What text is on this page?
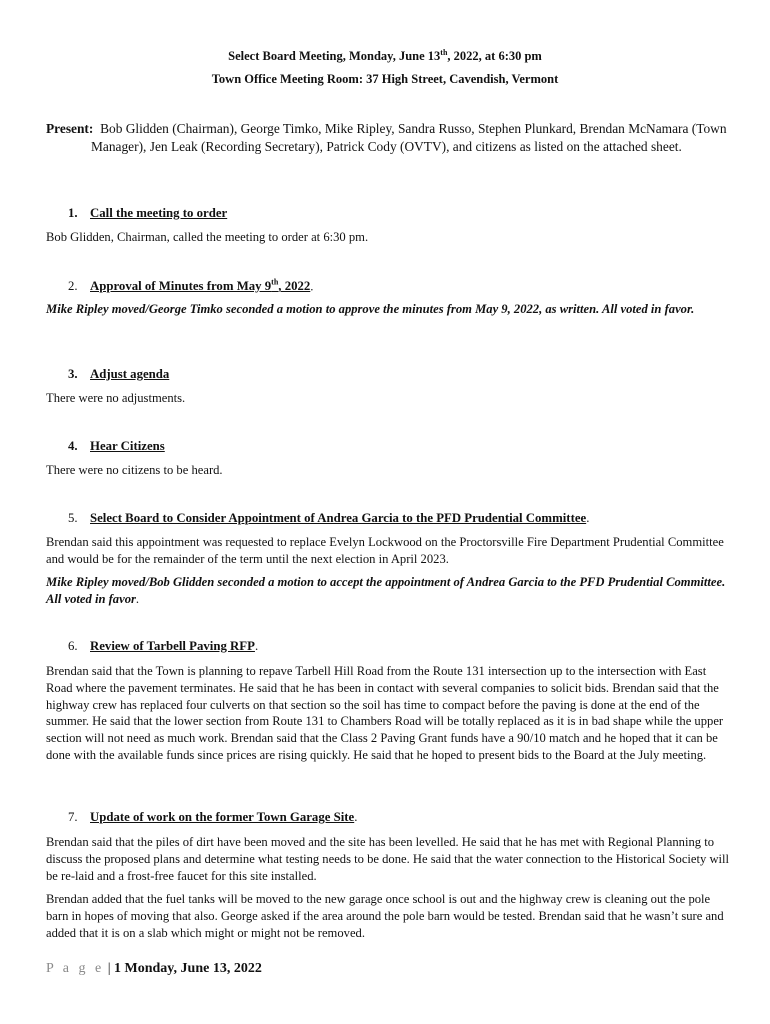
Select Board Meeting, Monday, June 13th, 2022, at 6:30 pm
Town Office Meeting Room: 37 High Street, Cavendish, Vermont
Present: Bob Glidden (Chairman), George Timko, Mike Ripley, Sandra Russo, Stephen Plunkard, Brendan McNamara (Town Manager), Jen Leak (Recording Secretary), Patrick Cody (OVTV), and citizens as listed on the attached sheet.
1. Call the meeting to order
Bob Glidden, Chairman, called the meeting to order at 6:30 pm.
2. Approval of Minutes from May 9th, 2022.
Mike Ripley moved/George Timko seconded a motion to approve the minutes from May 9, 2022, as written. All voted in favor.
3. Adjust agenda
There were no adjustments.
4. Hear Citizens
There were no citizens to be heard.
5. Select Board to Consider Appointment of Andrea Garcia to the PFD Prudential Committee.
Brendan said this appointment was requested to replace Evelyn Lockwood on the Proctorsville Fire Department Prudential Committee and would be for the remainder of the term until the next election in April 2023.
Mike Ripley moved/Bob Glidden seconded a motion to accept the appointment of Andrea Garcia to the PFD Prudential Committee. All voted in favor.
6. Review of Tarbell Paving RFP.
Brendan said that the Town is planning to repave Tarbell Hill Road from the Route 131 intersection up to the intersection with East Road where the pavement terminates. He said that he has been in contact with several companies to solicit bids. Brendan said that the highway crew has replaced four culverts on that section so the soil has time to compact before the paving is done at the end of the summer. He said that the lower section from Route 131 to Chambers Road will be totally replaced as it is in bad shape while the upper section will not need as much work. Brendan said that the Class 2 Paving Grant funds have a 90/10 match and he hoped that it can be done with the available funds since prices are rising quickly. He said that he hoped to present bids to the Board at the July meeting.
7. Update of work on the former Town Garage Site.
Brendan said that the piles of dirt have been moved and the site has been levelled. He said that he has met with Regional Planning to discuss the proposed plans and determine what testing needs to be done. He said that the water connection to the Historical Society will be re-laid and a frost-free faucet for this site installed.
Brendan added that the fuel tanks will be moved to the new garage once school is out and the highway crew is cleaning out the pole barn in hopes of moving that also. George asked if the area around the pole barn would be tested. Brendan said that he wasn’t sure and added that it is on a slab which might or might not be removed.
P a g e | 1 Monday, June 13, 2022
